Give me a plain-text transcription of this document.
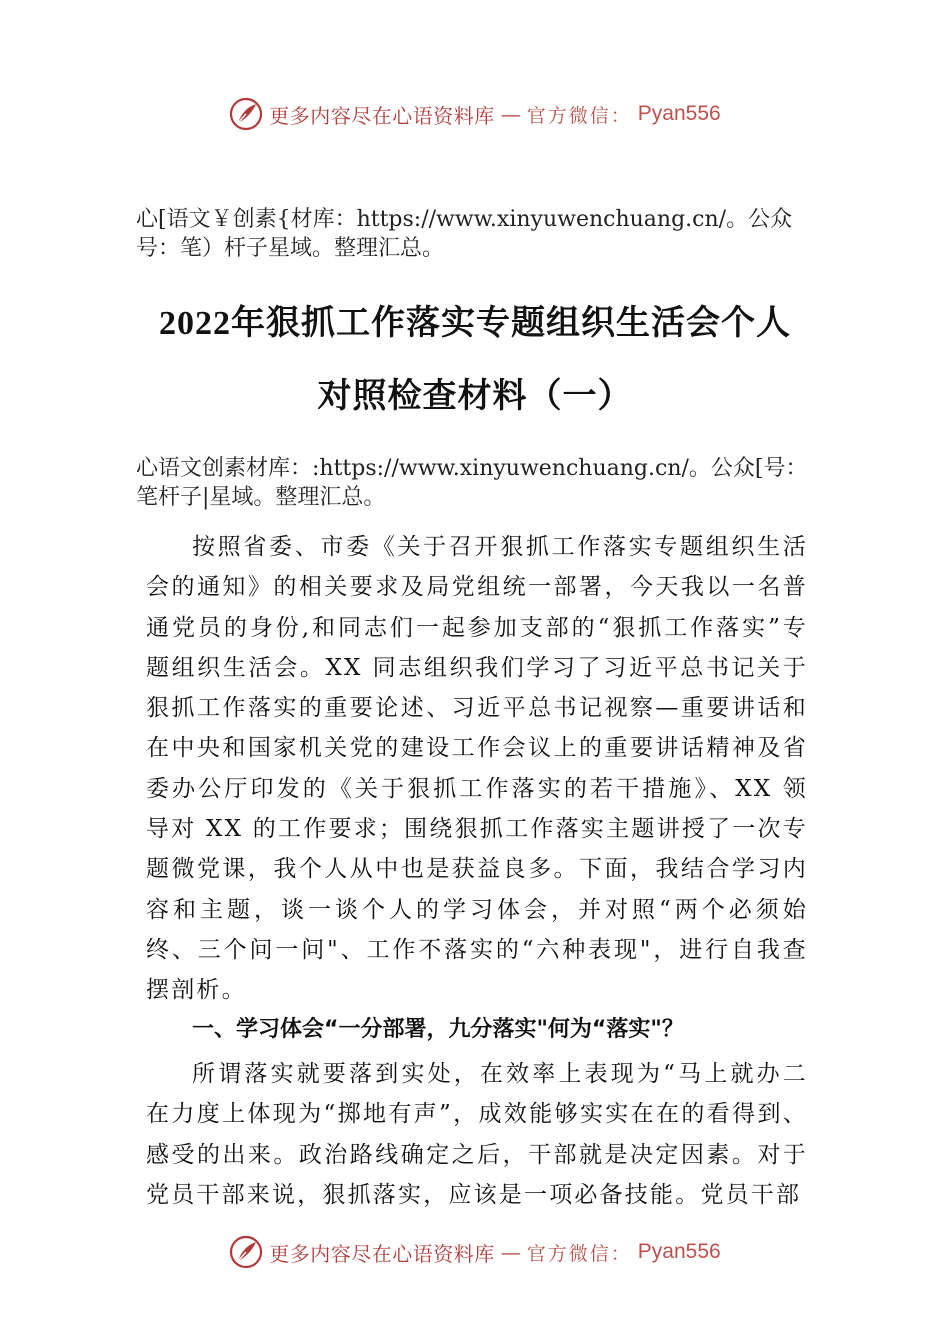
更多内容尽在心语资料库 — 官方微信： Pyan556
心[语文￥创素{材库：https://www.xinyuwenchuang.cn/。公众号：笔）杆子星域。整理汇总。
2022年狠抓工作落实专题组织生活会个人
对照检查材料（一）
心语文创素材库：:https://www.xinyuwenchuang.cn/。公众[号：笔杆子|星域。整理汇总。

按照省委、市委《关于召开狠抓工作落实专题组织生活会的通知》的相关要求及局党组统一部署，今天我以一名普通党员的身份,和同志们一起参加支部的“狠抓工作落实”专题组织生活会。XX 同志组织我们学习了习近平总书记关于狠抓工作落实的重要论述、习近平总书记视察—重要讲话和在中央和国家机关党的建设工作会议上的重要讲话精神及省委办公厅印发的《关于狠抓工作落实的若干措施》、XX 领导对 XX 的工作要求；围绕狠抓工作落实主题讲授了一次专题微党课，我个人从中也是获益良多。下面，我结合学习内容和主题，谈一谈个人的学习体会，并对照“两个必须始终、三个问一问"、工作不落实的“六种表现"，进行自我查摆剖析。

一、学习体会“一分部署，九分落实"何为“落实"？

所谓落实就要落到实处，在效率上表现为“马上就办二在力度上体现为“掷地有声”，成效能够实实在在的看得到、感受的出来。政治路线确定之后，干部就是决定因素。对于党员干部来说，狠抓落实，应该是一项必备技能。党员干部

更多内容尽在心语资料库 — 官方微信： Pyan556
